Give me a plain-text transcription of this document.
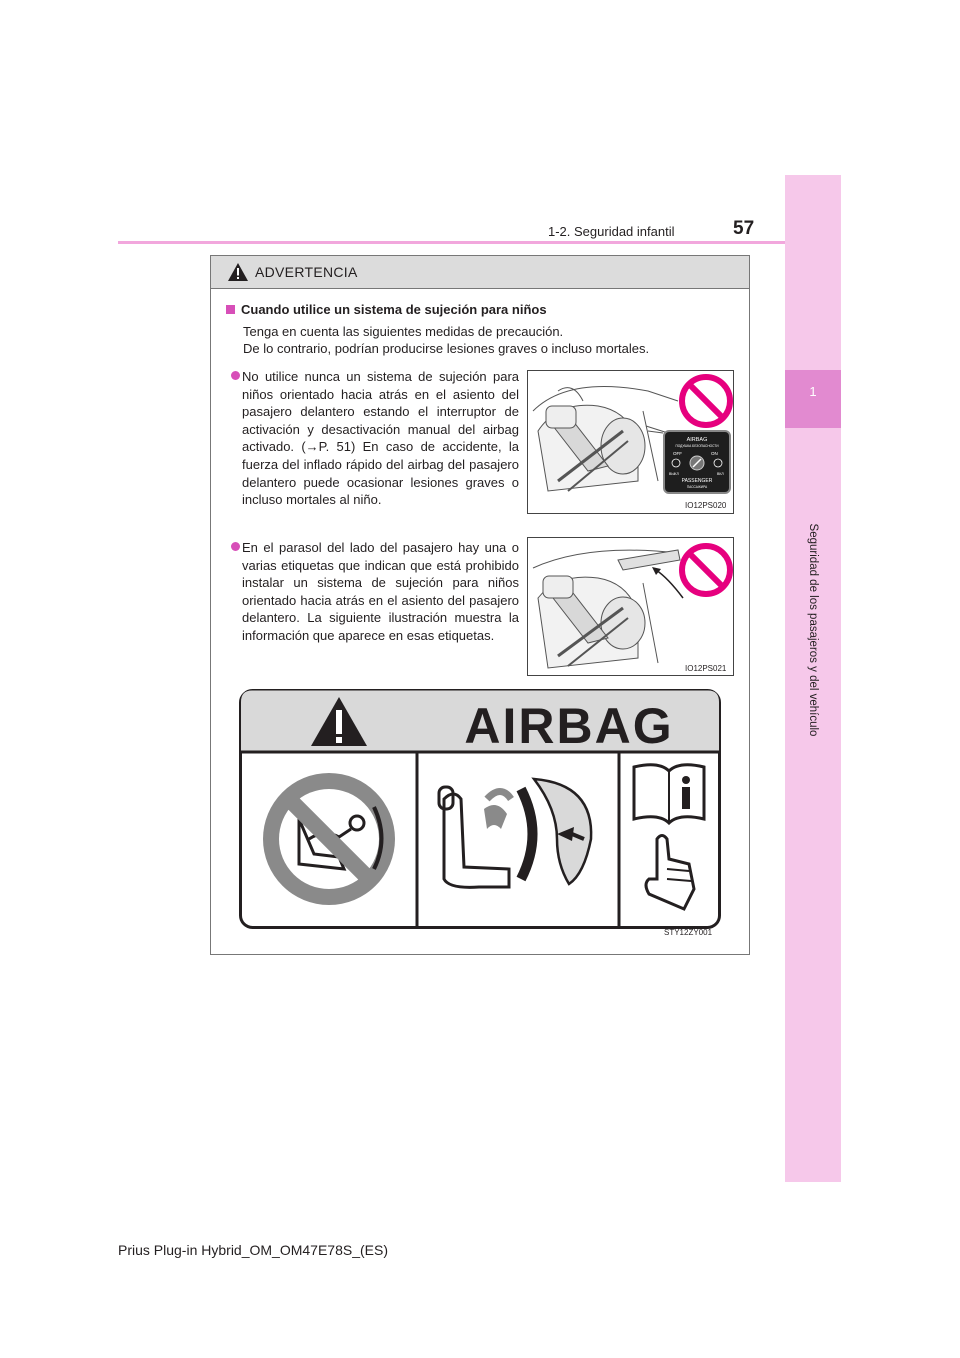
1
Seguridad de los pasajeros y del vehículo
1-2. Seguridad infantil	57
ADVERTENCIA
Cuando utilice un sistema de sujeción para niños
Tenga en cuenta las siguientes medidas de precaución.
De lo contrario, podrían producirse lesiones graves o incluso mortales.
No utilice nunca un sistema de sujeción para niños orientado hacia atrás en el asiento del pasajero delantero estando el interruptor de activación y desactivación manual del airbag activado. (→P. 51) En caso de accidente, la fuerza del inflado rápido del airbag del pasajero delantero puede ocasionar lesiones graves o incluso mortales al niño.
En el parasol del lado del pasajero hay una o varias etiquetas que indican que está prohibido instalar un sistema de sujeción para niños orientado hacia atrás en el asiento del pasajero delantero. La siguiente ilustración muestra la información que aparece en esas etiquetas.
AIRBAG
ПОДУШКА БЕЗОПАСНОСТИ
OFF	ON
ВЫКЛ	ВКЛ
PASSENGER
ПАССАЖИРА
IO12PS020
IO12PS021
AIRBAG
STY12ZY001
Prius Plug-in Hybrid_OM_OM47E78S_(ES)
